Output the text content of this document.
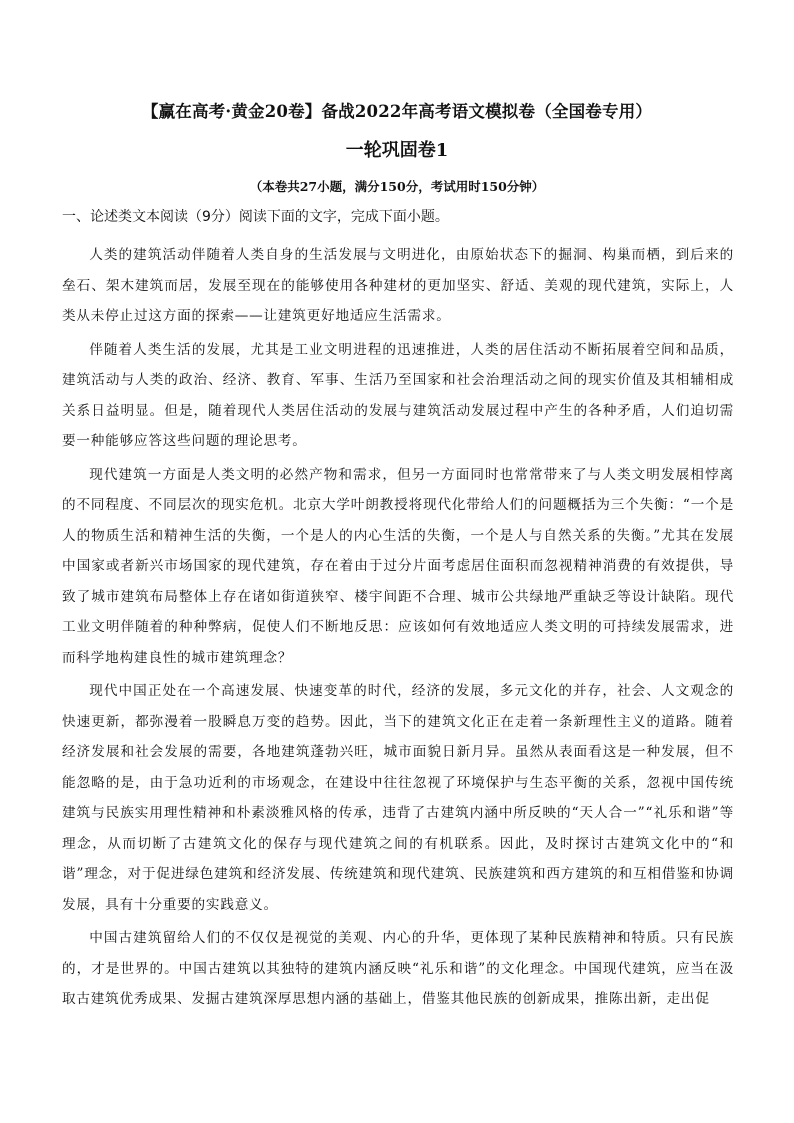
【赢在高考·黄金20卷】备战2022年高考语文模拟卷（全国卷专用）
一轮巩固卷1
（本卷共27小题，满分150分，考试用时150分钟）
一、论述类文本阅读（9分）阅读下面的文字，完成下面小题。

人类的建筑活动伴随着人类自身的生活发展与文明进化，由原始状态下的掘洞、构巢而栖，到后来的垒石、架木建筑而居，发展至现在的能够使用各种建材的更加坚实、舒适、美观的现代建筑，实际上，人类从未停止过这方面的探索——让建筑更好地适应生活需求。

伴随着人类生活的发展，尤其是工业文明进程的迅速推进，人类的居住活动不断拓展着空间和品质，建筑活动与人类的政治、经济、教育、军事、生活乃至国家和社会治理活动之间的现实价值及其相辅相成关系日益明显。但是，随着现代人类居住活动的发展与建筑活动发展过程中产生的各种矛盾，人们迫切需要一种能够应答这些问题的理论思考。

现代建筑一方面是人类文明的必然产物和需求，但另一方面同时也常常带来了与人类文明发展相悖离的不同程度、不同层次的现实危机。北京大学叶朗教授将现代化带给人们的问题概括为三个失衡：“一个是人的物质生活和精神生活的失衡，一个是人的内心生活的失衡，一个是人与自然关系的失衡。”尤其在发展中国家或者新兴市场国家的现代建筑，存在着由于过分片面考虑居住面积而忽视精神消费的有效提供，导致了城市建筑布局整体上存在诸如街道狭窄、楼宇间距不合理、城市公共绿地严重缺乏等设计缺陷。现代工业文明伴随着的种种弊病，促使人们不断地反思：应该如何有效地适应人类文明的可持续发展需求，进而科学地构建良性的城市建筑理念？

现代中国正处在一个高速发展、快速变革的时代，经济的发展，多元文化的并存，社会、人文观念的快速更新，都弥漫着一股瞬息万变的趋势。因此，当下的建筑文化正在走着一条新理性主义的道路。随着经济发展和社会发展的需要，各地建筑蓬勃兴旺，城市面貌日新月异。虽然从表面看这是一种发展，但不能忽略的是，由于急功近利的市场观念，在建设中往往忽视了环境保护与生态平衡的关系，忽视中国传统建筑与民族实用理性精神和朴素淡雅风格的传承，违背了古建筑内涵中所反映的“天人合一”“礼乐和谐”等理念，从而切断了古建筑文化的保存与现代建筑之间的有机联系。因此，及时探讨古建筑文化中的“和谐”理念，对于促进绿色建筑和经济发展、传统建筑和现代建筑、民族建筑和西方建筑的和互相借鉴和协调发展，具有十分重要的实践意义。

中国古建筑留给人们的不仅仅是视觉的美观、内心的升华，更体现了某种民族精神和特质。只有民族的，才是世界的。中国古建筑以其独特的建筑内涵反映“礼乐和谐”的文化理念。中国现代建筑，应当在汲取古建筑优秀成果、发掘古建筑深厚思想内涵的基础上，借鉴其他民族的创新成果，推陈出新，走出促
